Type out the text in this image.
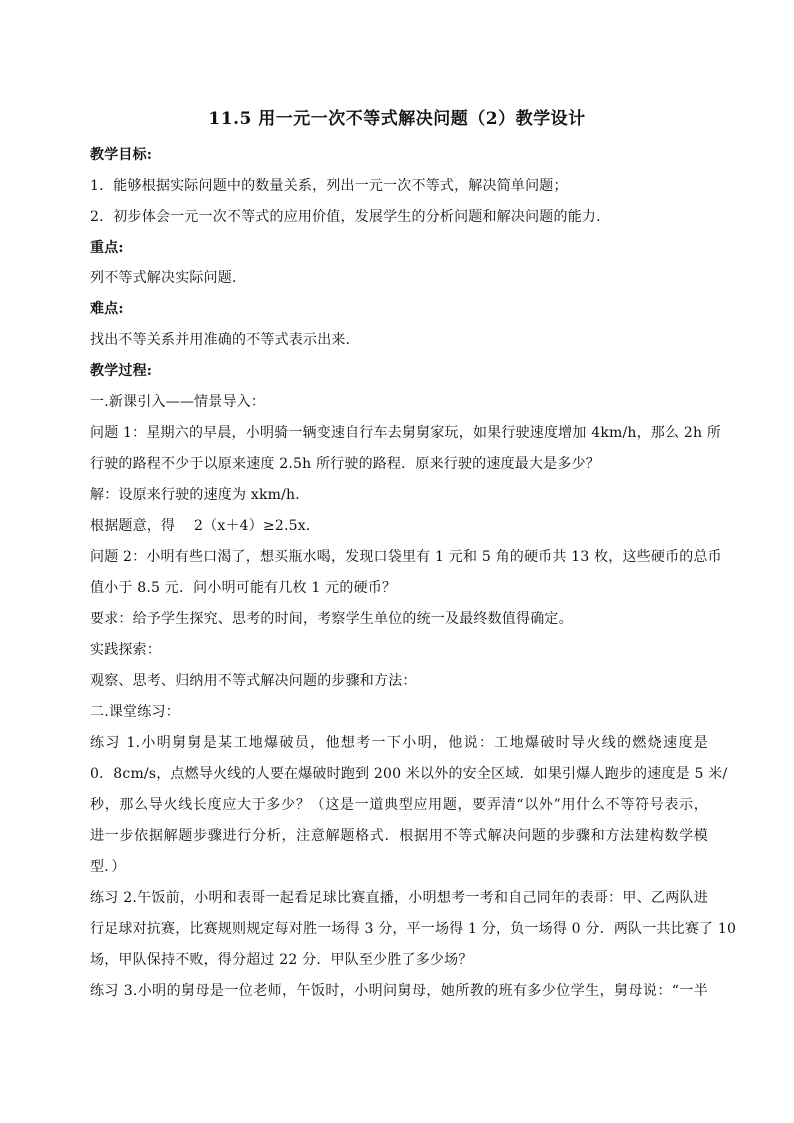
11.5 用一元一次不等式解决问题（2）教学设计
教学目标:
1．能够根据实际问题中的数量关系，列出一元一次不等式，解决简单问题；
2．初步体会一元一次不等式的应用价值，发展学生的分析问题和解决问题的能力．
重点:
列不等式解决实际问题．
难点:
找出不等关系并用准确的不等式表示出来．
教学过程:
一.新课引入——情景导入：
问题 1：星期六的早晨，小明骑一辆变速自行车去舅舅家玩，如果行驶速度增加 4km/h，那么 2h 所
行驶的路程不少于以原来速度 2.5h 所行驶的路程．原来行驶的速度最大是多少？
解：设原来行驶的速度为 xkm/h．
根据题意，得　 2（x＋4）≥2.5x．
问题 2：小明有些口渴了，想买瓶水喝，发现口袋里有 1 元和 5 角的硬币共 13 枚，这些硬币的总币
值小于 8.5 元．问小明可能有几枚 1 元的硬币？
要求：给予学生探究、思考的时间，考察学生单位的统一及最终数值得确定。
实践探索：
观察、思考、归纳用不等式解决问题的步骤和方法：
二.课堂练习：
练习 1.小明舅舅是某工地爆破员，他想考一下小明，他说：工地爆破时导火线的燃烧速度是
0．8cm/s，点燃导火线的人要在爆破时跑到 200 米以外的安全区域．如果引爆人跑步的速度是 5 米/
秒，那么导火线长度应大于多少？（这是一道典型应用题，要弄清“以外”用什么不等符号表示，
进一步依据解题步骤进行分析，注意解题格式．根据用不等式解决问题的步骤和方法建构数学模
型．）
练习 2.午饭前，小明和表哥一起看足球比赛直播，小明想考一考和自己同年的表哥：甲、乙两队进
行足球对抗赛，比赛规则规定每对胜一场得 3 分，平一场得 1 分，负一场得 0 分．两队一共比赛了 10
场，甲队保持不败，得分超过 22 分．甲队至少胜了多少场？
练习 3.小明的舅母是一位老师，午饭时，小明问舅母，她所教的班有多少位学生，舅母说：“一半
